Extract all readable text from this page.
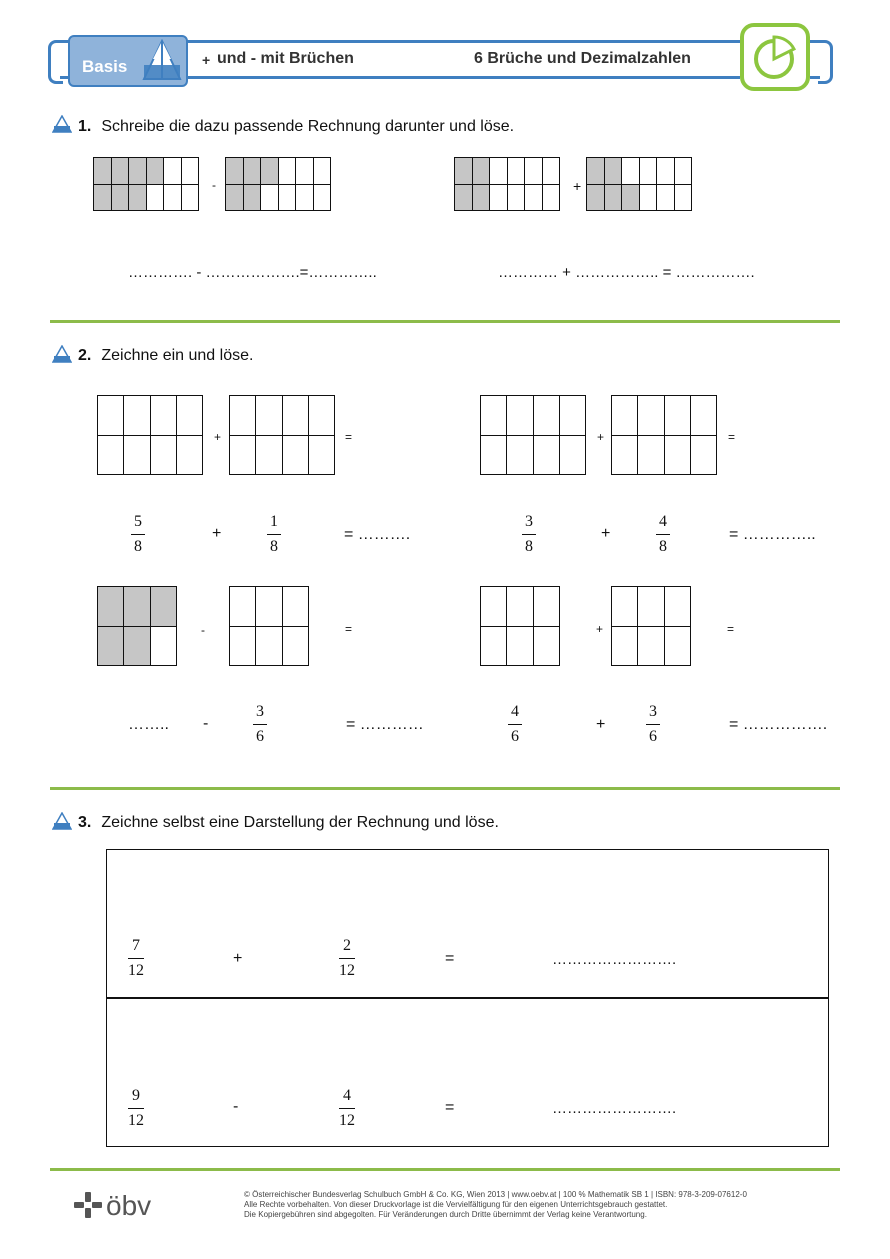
Basis	+ und - mit Brüchen	6 Brüche und Dezimalzahlen
1. Schreibe die dazu passende Rechnung darunter und löse.

-

						+

…………. - ……………….=…………..	………… + …………….. = …………….
2. Zeichne ein und löse.

+

				=

				+

				=
$\frac{5}{8}$	+	$\frac{1}{8}$	= ……….	$\frac{3}{8}$	+	$\frac{4}{8}$	= …………..

-

			=

			+

			=
…….. -	$\frac{3}{6}$	= …………	$\frac{4}{6}$	+	$\frac{3}{6}$	= …………….
3. Zeichne selbst eine Darstellung der Rechnung und löse.
$\frac{7}{12}$	+	$\frac{2}{12}$	=	…………………….
$\frac{9}{12}$	-	$\frac{4}{12}$	=	…………………….
öbv	© Österreichischer Bundesverlag Schulbuch GmbH & Co. KG, Wien 2013 | www.oebv.at | 100 % Mathematik SB 1 | ISBN: 978-3-209-07612-0
Alle Rechte vorbehalten. Von dieser Druckvorlage ist die Vervielfältigung für den eigenen Unterrichtsgebrauch gestattet.
Die Kopiergebühren sind abgegolten. Für Veränderungen durch Dritte übernimmt der Verlag keine Verantwortung.
